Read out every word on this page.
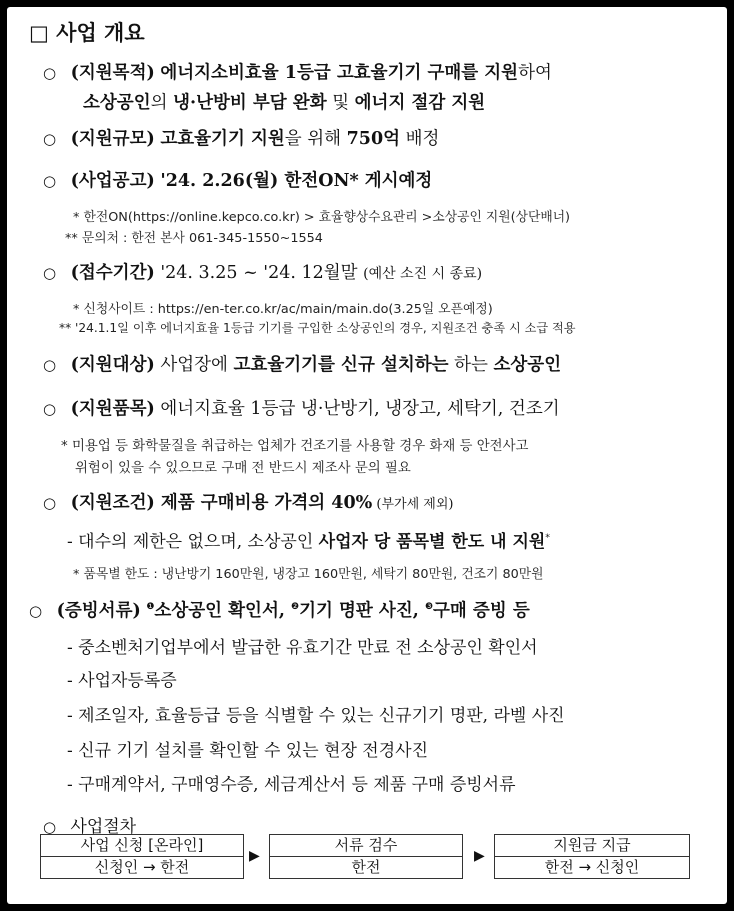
□ 사업 개요
○ (지원목적) 에너지소비효율 1등급 고효율기기 구매를 지원하여
소상공인의 냉·난방비 부담 완화 및 에너지 절감 지원
○ (지원규모) 고효율기기 지원을 위해 750억 배정
○ (사업공고) '24. 2.26(월) 한전ON* 게시예정
* 한전ON(https://online.kepco.co.kr) > 효율향상수요관리 >소상공인 지원(상단배너)
** 문의처 : 한전 본사 061-345-1550~1554
○ (접수기간) '24. 3.25 ~ '24. 12월말 (예산 소진 시 종료)
* 신청사이트 : https://en-ter.co.kr/ac/main/main.do(3.25일 오픈예정)
** '24.1.1일 이후 에너지효율 1등급 기기를 구입한 소상공인의 경우, 지원조건 충족 시 소급 적용
○ (지원대상) 사업장에 고효율기기를 신규 설치하는 하는 소상공인
○ (지원품목) 에너지효율 1등급 냉·난방기, 냉장고, 세탁기, 건조기
* 미용업 등 화학물질을 취급하는 업체가 건조기를 사용할 경우 화재 등 안전사고
위험이 있을 수 있으므로 구매 전 반드시 제조사 문의 필요
○ (지원조건) 제품 구매비용 가격의 40% (부가세 제외)
- 대수의 제한은 없으며, 소상공인 사업자 당 품목별 한도 내 지원*
* 품목별 한도 : 냉난방기 160만원, 냉장고 160만원, 세탁기 80만원, 건조기 80만원
○ (증빙서류) $^❶$소상공인 확인서, $^❷$기기 명판 사진, $^❸$구매 증빙 등
- 중소벤처기업부에서 발급한 유효기간 만료 전 소상공인 확인서
- 사업자등록증
- 제조일자, 효율등급 등을 식별할 수 있는 신규기기 명판, 라벨 사진
- 신규 기기 설치를 확인할 수 있는 현장 전경사진
- 구매계약서, 구매영수증, 세금계산서 등 제품 구매 증빙서류
○ 사업절차
사업 신청 [온라인]
신청인 → 한전
▶
서류 검수
한전
▶
지원금 지급
한전 → 신청인
